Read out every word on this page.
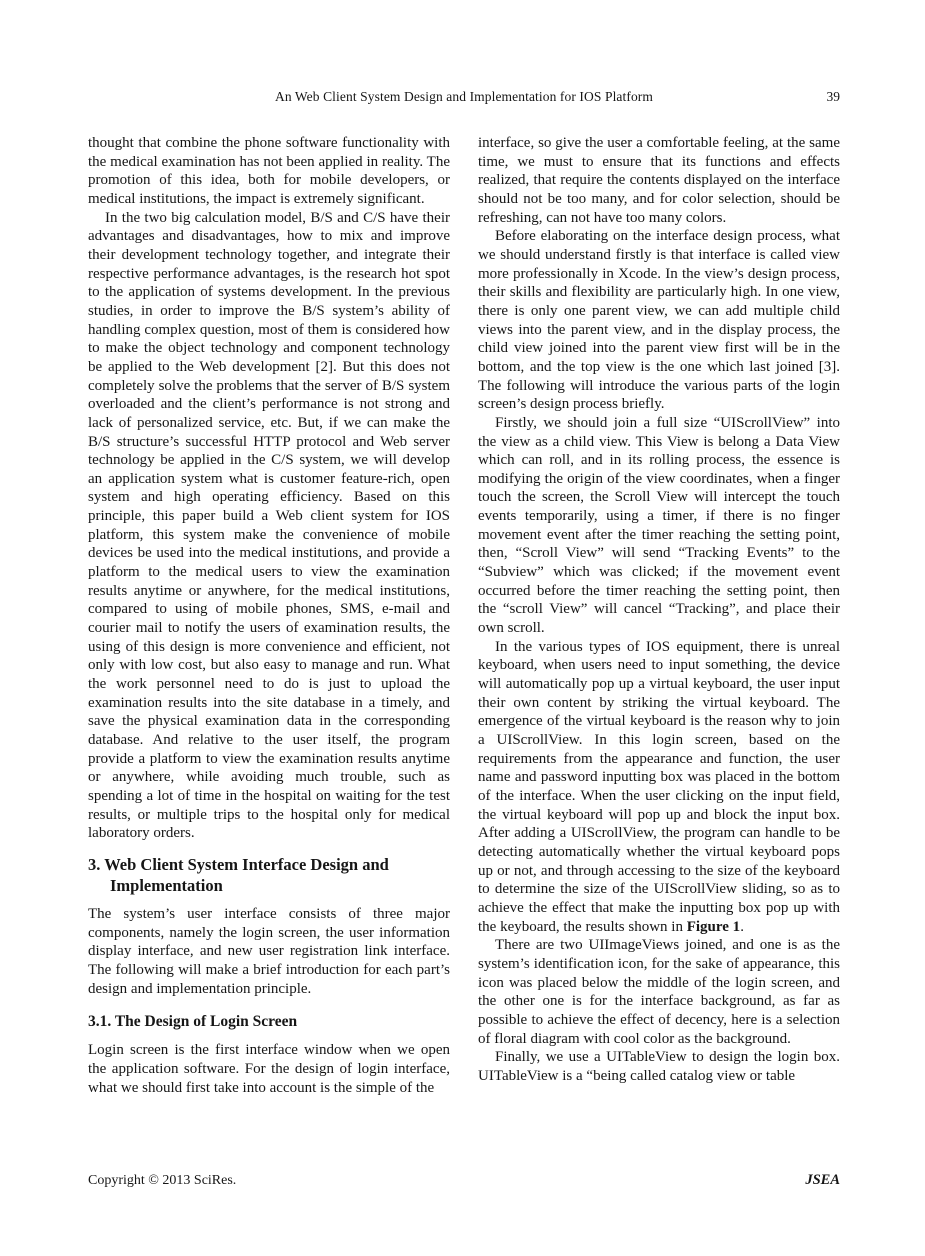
An Web Client System Design and Implementation for IOS Platform	39

thought that combine the phone software functionality with the medical examination has not been applied in reality. The promotion of this idea, both for mobile developers, or medical institutions, the impact is extremely significant.

In the two big calculation model, B/S and C/S have their advantages and disadvantages, how to mix and improve their development technology together, and integrate their respective performance advantages, is the research hot spot to the application of systems development. In the previous studies, in order to improve the B/S system’s ability of handling complex question, most of them is considered how to make the object technology and component technology be applied to the Web development [2]. But this does not completely solve the problems that the server of B/S system overloaded and the client’s performance is not strong and lack of personalized service, etc. But, if we can make the B/S structure’s successful HTTP protocol and Web server technology be applied in the C/S system, we will develop an application system what is customer feature-rich, open system and high operating efficiency. Based on this principle, this paper build a Web client system for IOS platform, this system make the convenience of mobile devices be used into the medical institutions, and provide a platform to the medical users to view the examination results anytime or anywhere, for the medical institutions, compared to using of mobile phones, SMS, e-mail and courier mail to notify the users of examination results, the using of this design is more convenience and efficient, not only with low cost, but also easy to manage and run. What the work personnel need to do is just to upload the examination results into the site database in a timely, and save the physical examination data in the corresponding database. And relative to the user itself, the program provide a platform to view the examination results anytime or anywhere, while avoiding much trouble, such as spending a lot of time in the hospital on waiting for the test results, or multiple trips to the hospital only for medical laboratory orders.

3. Web Client System Interface Design and
Implementation

The system’s user interface consists of three major components, namely the login screen, the user information display interface, and new user registration link interface. The following will make a brief introduction for each part’s design and implementation principle.

3.1. The Design of Login Screen

Login screen is the first interface window when we open the application software. For the design of login interface, what we should first take into account is the simple of the

interface, so give the user a comfortable feeling, at the same time, we must to ensure that its functions and effects realized, that require the contents displayed on the interface should not be too many, and for color selection, should be refreshing, can not have too many colors.

Before elaborating on the interface design process, what we should understand firstly is that interface is called view more professionally in Xcode. In the view’s design process, their skills and flexibility are particularly high. In one view, there is only one parent view, we can add multiple child views into the parent view, and in the display process, the child view joined into the parent view first will be in the bottom, and the top view is the one which last joined [3]. The following will introduce the various parts of the login screen’s design process briefly.

Firstly, we should join a full size “UIScrollView” into the view as a child view. This View is belong a Data View which can roll, and in its rolling process, the essence is modifying the origin of the view coordinates, when a finger touch the screen, the Scroll View will intercept the touch events temporarily, using a timer, if there is no finger movement event after the timer reaching the setting point, then, “Scroll View” will send “Tracking Events” to the “Subview” which was clicked; if the movement event occurred before the timer reaching the setting point, then the “scroll View” will cancel “Tracking”, and place their own scroll.

In the various types of IOS equipment, there is unreal keyboard, when users need to input something, the device will automatically pop up a virtual keyboard, the user input their own content by striking the virtual keyboard. The emergence of the virtual keyboard is the reason why to join a UIScrollView. In this login screen, based on the requirements from the appearance and function, the user name and password inputting box was placed in the bottom of the interface. When the user clicking on the input field, the virtual keyboard will pop up and block the input box. After adding a UIScrollView, the program can handle to be detecting automatically whether the virtual keyboard pops up or not, and through accessing to the size of the keyboard to determine the size of the UIScrollView sliding, so as to achieve the effect that make the inputting box pop up with the keyboard, the results shown in Figure 1.

There are two UIImageViews joined, and one is as the system’s identification icon, for the sake of appearance, this icon was placed below the middle of the login screen, and the other one is for the interface background, as far as possible to achieve the effect of decency, here is a selection of floral diagram with cool color as the background.

Finally, we use a UITableView to design the login box. UITableView is a “being called catalog view or table

Copyright © 2013 SciRes.	JSEA
